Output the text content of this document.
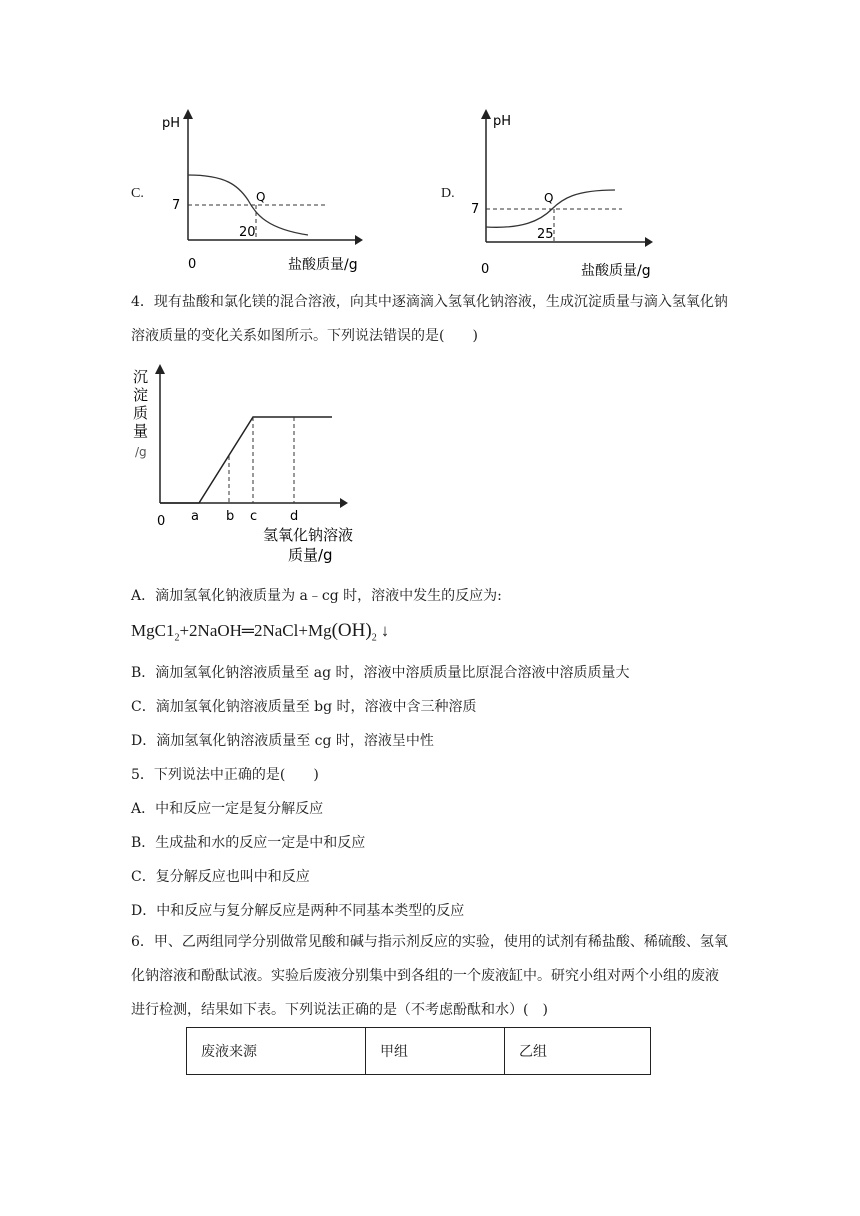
C.
pH
7
Q
20
0	盐酸质量/g
D.
pH
7
Q
25
0	盐酸质量/g
4．现有盐酸和氯化镁的混合溶液，向其中逐滴滴入氢氧化钠溶液，生成沉淀质量与滴入氢氧化钠溶液质量的变化关系如图所示。下列说法错误的是(　　)
沉
淀
质
量
/g
0 a b c	d
氢氧化钠溶液
质量/g
A．滴加氢氧化钠液质量为 a﹣cg 时，溶液中发生的反应为:
$MgC1_2+2NaOH═2NaCl+Mg(OH)_2$ ↓
B．滴加氢氧化钠溶液质量至 ag 时，溶液中溶质质量比原混合溶液中溶质质量大
C．滴加氢氧化钠溶液质量至 bg 时，溶液中含三种溶质
D．滴加氢氧化钠溶液质量至 cg 时，溶液呈中性
5．下列说法中正确的是(　　)
A．中和反应一定是复分解反应
B．生成盐和水的反应一定是中和反应
C．复分解反应也叫中和反应
D．中和反应与复分解反应是两种不同基本类型的反应
6．甲、乙两组同学分别做常见酸和碱与指示剂反应的实验，使用的试剂有稀盐酸、稀硫酸、氢氧化钠溶液和酚酞试液。实验后废液分别集中到各组的一个废液缸中。研究小组对两个小组的废液进行检测，结果如下表。下列说法正确的是（不考虑酚酞和水）(　)
废液来源	甲组	乙组
